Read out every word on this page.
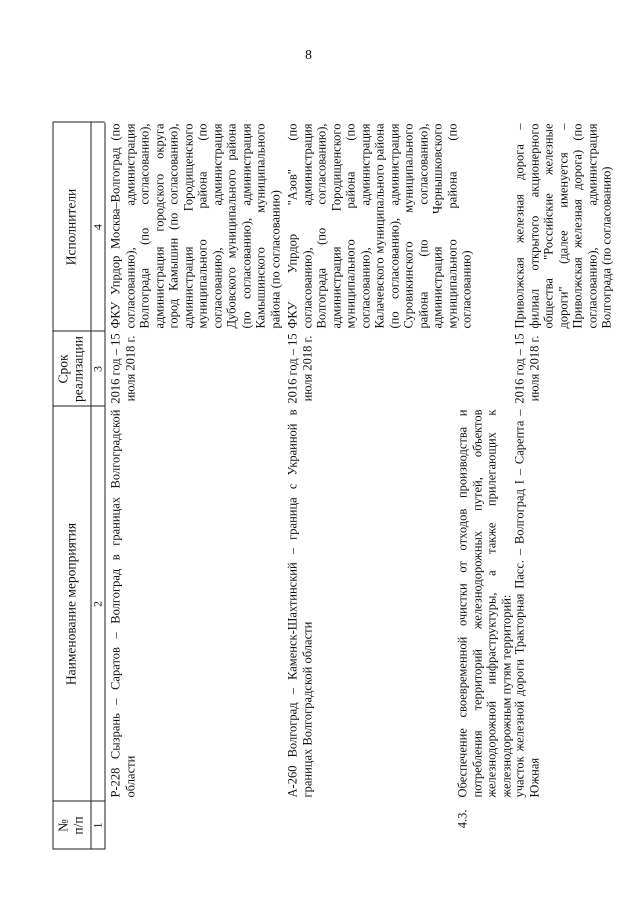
8
№ п/п
Наименование мероприятия
Срок реализации
Исполнители
1
2
3
4
Р-228 Сызрань – Саратов – Волгоград в границах Волгоградской области
2016 год – 15 июля 2018 г.
ФКУ Упрдор Москва–Волгоград (по согласованию), администрация Волгограда (по согласованию), администрация городского округа город Камышин (по согласованию), администрация Городищенского муниципального района (по согласованию), администрация Дубовского муниципального района (по согласованию), администрация Камышинского муниципального района (по согласованию)
А-260 Волгоград – Каменск-Шахтинский – граница с Украиной в границах Волгоградской области
2016 год – 15 июля 2018 г.
ФКУ Упрдор "Азов" (по согласованию), администрация Волгограда (по согласованию), администрация Городищенского муниципального района (по согласованию), администрация Калачевского муниципального района (по согласованию), администрация Суровикинского муниципального района (по согласованию), администрация Чернышковского муниципального района (по согласованию)
4.3.
Обеспечение своевременной очистки от отходов производства и потребления территорий железнодорожных путей, объектов железнодорожной инфраструктуры, а также прилегающих к железнодорожным путям территорий: участок железной дороги Тракторная Пасс. – Волгоград I – Сарепта – Южная
2016 год – 15 июля 2018 г.
Приволжская железная дорога – филиал открытого акционерного общества "Российские железные дороги" (далее именуется – Приволжская железная дорога) (по согласованию), администрация Волгограда (по согласованию)
